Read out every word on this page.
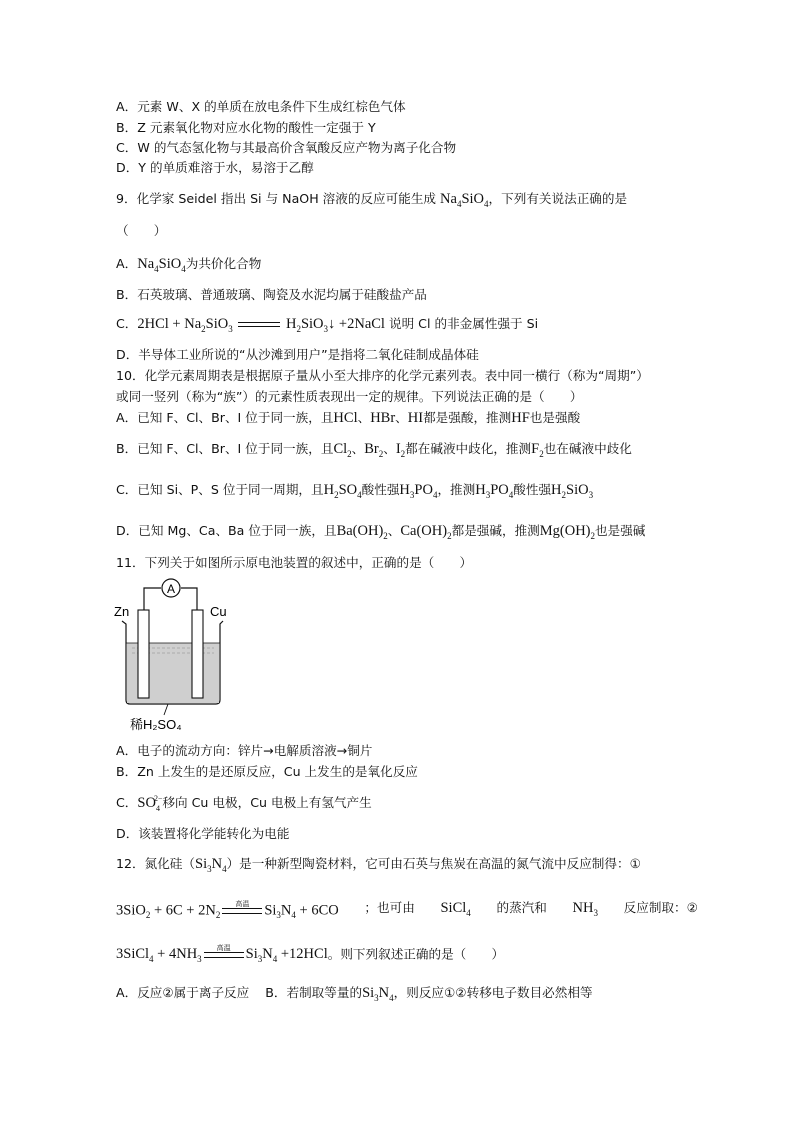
A．元素 W、X 的单质在放电条件下生成红棕色气体
B．Z 元素氧化物对应水化物的酸性一定强于 Y
C．W 的气态氢化物与其最高价含氧酸反应产物为离子化合物
D．Y 的单质难溶于水，易溶于乙醇
9．化学家 Seidel 指出 Si 与 NaOH 溶液的反应可能生成 $Na_4SiO_4$，下列有关说法正确的是
（　　）
A．$Na_4SiO_4$为共价化合物
B．石英玻璃、普通玻璃、陶瓷及水泥均属于硅酸盐产品
C．$2HCl + Na_2SiO_3$	$H_2SiO_3↓$ +2NaCl 说明 Cl 的非金属性强于 Si
D．半导体工业所说的“从沙滩到用户”是指将二氧化硅制成晶体硅
10．化学元素周期表是根据原子量从小至大排序的化学元素列表。表中同一横行（称为“周期”）
或同一竖列（称为“族”）的元素性质表现出一定的规律。下列说法正确的是（　　）
A．已知 F、Cl、Br、I 位于同一族，且HCl、HBr、HI都是强酸，推测HF也是强酸
B．已知 F、Cl、Br、I 位于同一族，且$Cl_2$、$Br_2$、$I_2$都在碱液中歧化，推测$F_2$也在碱液中歧化
C．已知 Si、P、S 位于同一周期，且$H_2SO_4$酸性强$H_3PO_4$，推测$H_3PO_4$酸性强$H_2SiO_3$
D．已知 Mg、Ca、Ba 位于同一族，且$Ba(OH)_2$、$Ca(OH)_2$都是强碱，推测$Mg(OH)_2$也是强碱
11．下列关于如图所示原电池装置的叙述中，正确的是（　　）
A
Zn	Cu
稀H₂SO₄
A．电子的流动方向：锌片→电解质溶液→铜片
B．Zn 上发生的是还原反应，Cu 上发生的是氧化反应
C．$SO_4^{2-}$移向 Cu 电极，Cu 电极上有氢气产生
D．该装置将化学能转化为电能
12．氮化硅$(Si_3N_4)$是一种新型陶瓷材料，它可由石英与焦炭在高温的氮气流中反应制得：①
$3SiO_2 + 6C + 2N_2$
高温
	$Si_3N_4 + 6CO$ ；也可由 SiCl$_4$ 的蒸汽和 $NH_3$ 反应制取：②
3SiCl$_4$ + $4NH_3$
高温
	$Si_3N_4 +12HCl$。则下列叙述正确的是（　　）
A．反应②属于离子反应 B．若制取等量的$Si_3N_4$，则反应①②转移电子数目必然相等
